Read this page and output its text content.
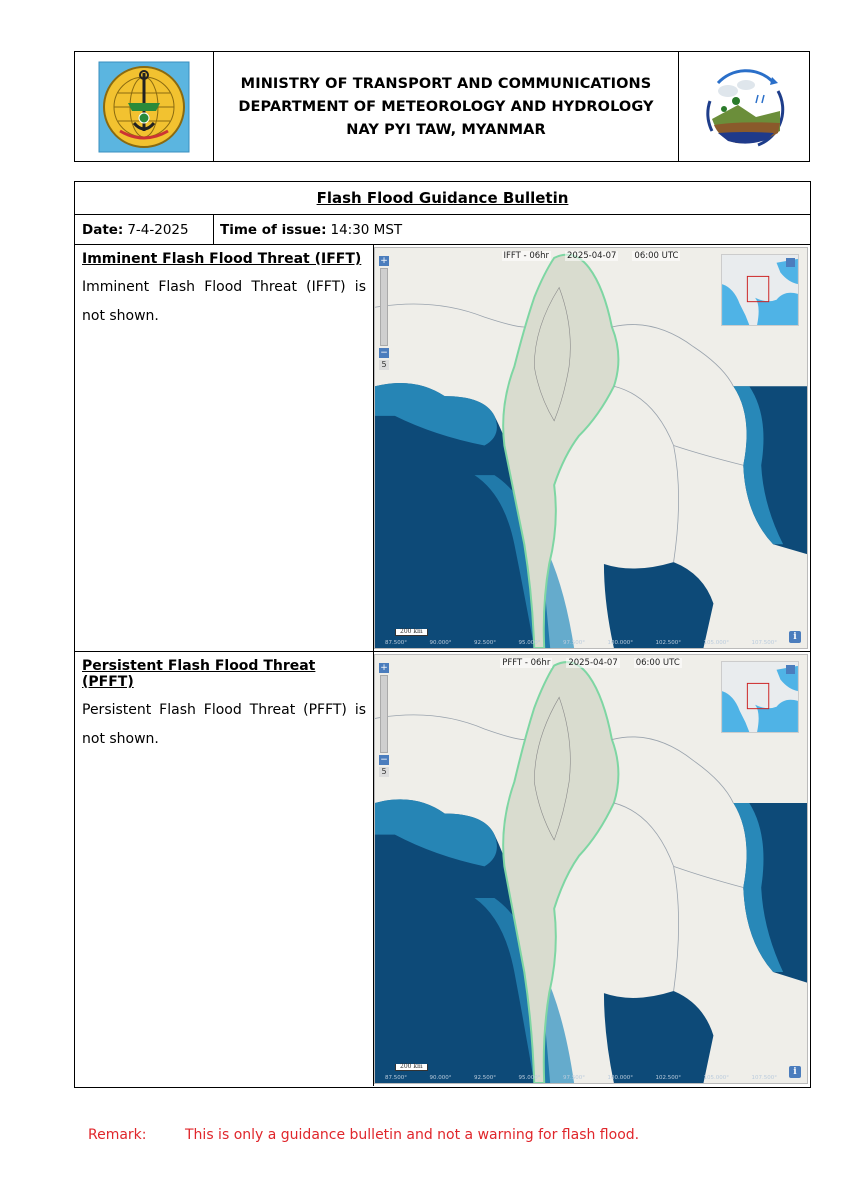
MINISTRY OF TRANSPORT AND COMMUNICATIONS
DEPARTMENT OF METEOROLOGY AND HYDROLOGY
NAY PYI TAW, MYANMAR
Flash Flood Guidance Bulletin
Date: 7-4-2025 Time of issue: 14:30 MST
Imminent Flash Flood Threat (IFFT)
Imminent Flash Flood Threat (IFFT) is not shown.
IFFT - 06hr 2025-04-07 06:00 UTC
+
−
5
200 km
87.500°	90.000°	92.500°	95.000°	97.500°	100.000°	102.500°	105.000°	107.500°
i
Persistent Flash Flood Threat (PFFT)
Persistent Flash Flood Threat (PFFT) is not shown.
PFFT - 06hr 2025-04-07 06:00 UTC
+
−
5
200 km
87.500°	90.000°	92.500°	95.000°	97.500°	100.000°	102.500°	105.000°	107.500°
i
Remark:	This is only a guidance bulletin and not a warning for flash flood.
